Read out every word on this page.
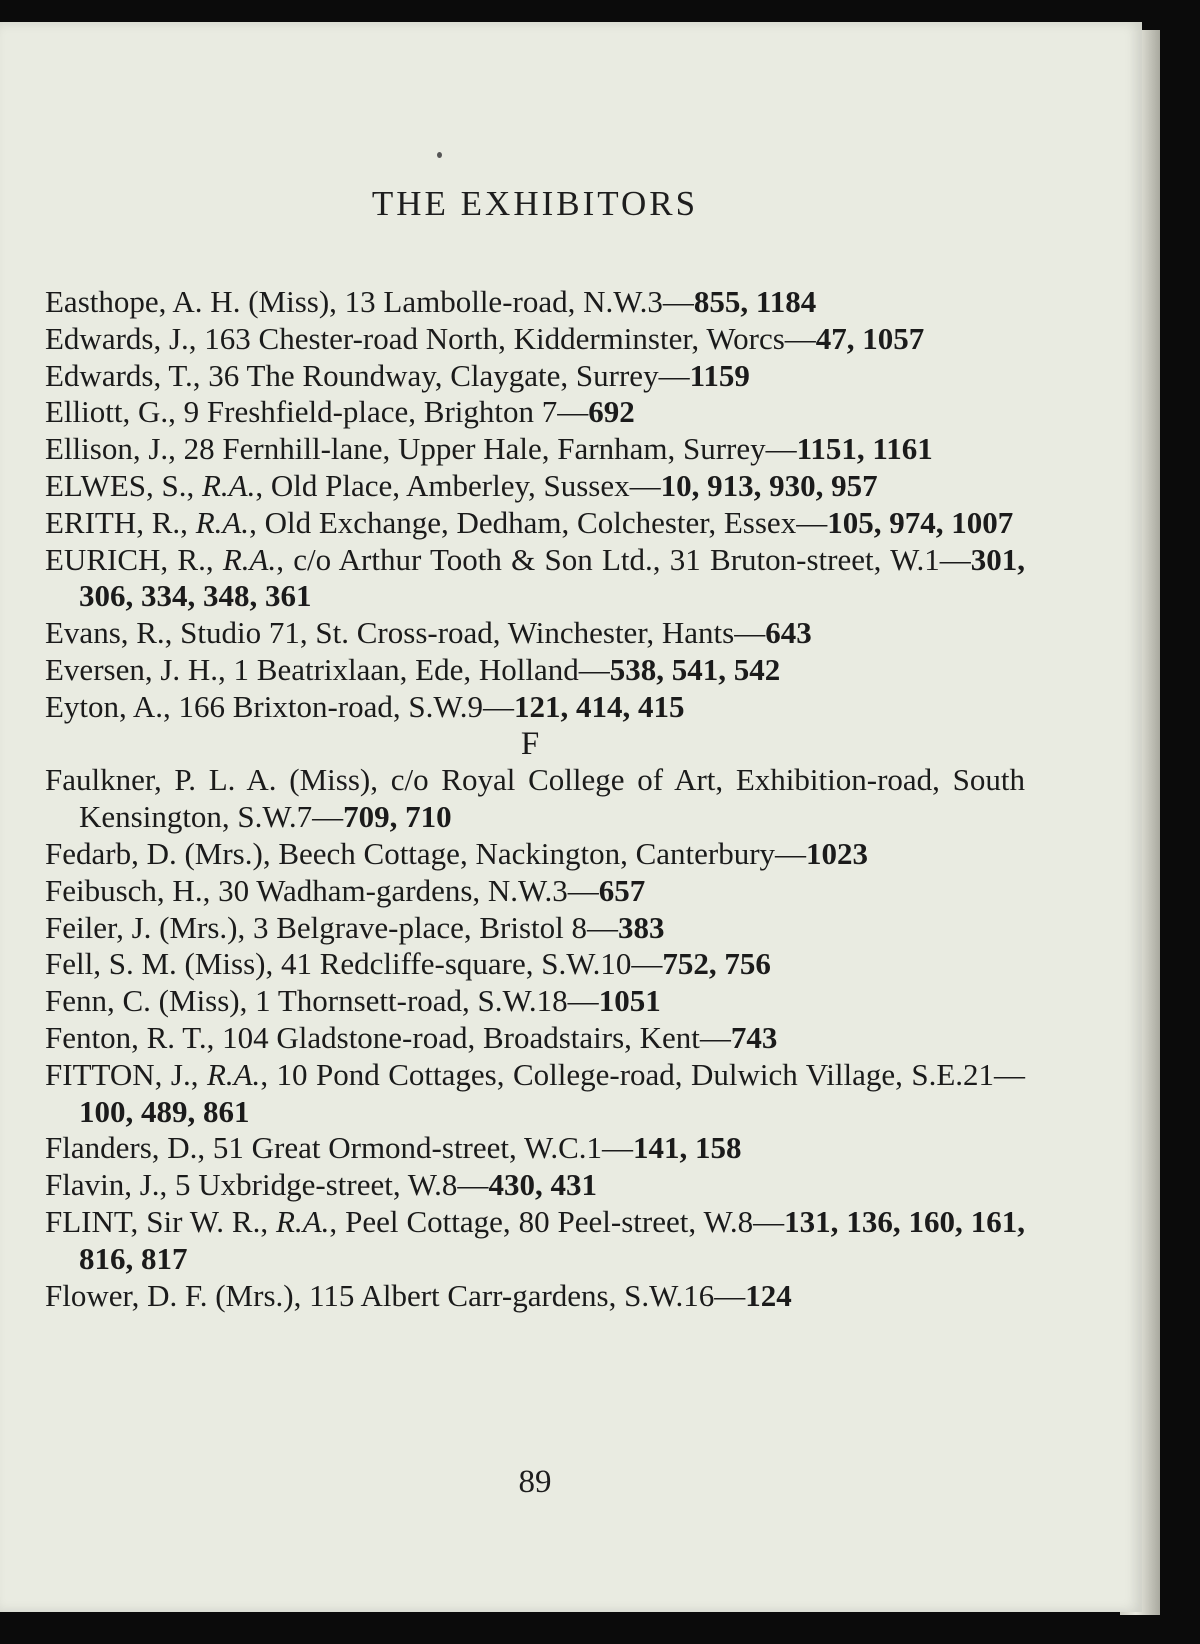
THE EXHIBITORS
Easthope, A. H. (Miss), 13 Lambolle-road, N.W.3—855, 1184
Edwards, J., 163 Chester-road North, Kidderminster, Worcs—47, 1057
Edwards, T., 36 The Roundway, Claygate, Surrey—1159
Elliott, G., 9 Freshfield-place, Brighton 7—692
Ellison, J., 28 Fernhill-lane, Upper Hale, Farnham, Surrey—1151, 1161
ELWES, S., R.A., Old Place, Amberley, Sussex—10, 913, 930, 957
ERITH, R., R.A., Old Exchange, Dedham, Colchester, Essex—105, 974, 1007
EURICH, R., R.A., c/o Arthur Tooth & Son Ltd., 31 Bruton-street, W.1—301, 306, 334, 348, 361
Evans, R., Studio 71, St. Cross-road, Winchester, Hants—643
Eversen, J. H., 1 Beatrixlaan, Ede, Holland—538, 541, 542
Eyton, A., 166 Brixton-road, S.W.9—121, 414, 415
F
Faulkner, P. L. A. (Miss), c/o Royal College of Art, Exhibition-road, South Kensington, S.W.7—709, 710
Fedarb, D. (Mrs.), Beech Cottage, Nackington, Canterbury—1023
Feibusch, H., 30 Wadham-gardens, N.W.3—657
Feiler, J. (Mrs.), 3 Belgrave-place, Bristol 8—383
Fell, S. M. (Miss), 41 Redcliffe-square, S.W.10—752, 756
Fenn, C. (Miss), 1 Thornsett-road, S.W.18—1051
Fenton, R. T., 104 Gladstone-road, Broadstairs, Kent—743
FITTON, J., R.A., 10 Pond Cottages, College-road, Dulwich Village, S.E.21—100, 489, 861
Flanders, D., 51 Great Ormond-street, W.C.1—141, 158
Flavin, J., 5 Uxbridge-street, W.8—430, 431
FLINT, Sir W. R., R.A., Peel Cottage, 80 Peel-street, W.8—131, 136, 160, 161, 816, 817
Flower, D. F. (Mrs.), 115 Albert Carr-gardens, S.W.16—124
89
